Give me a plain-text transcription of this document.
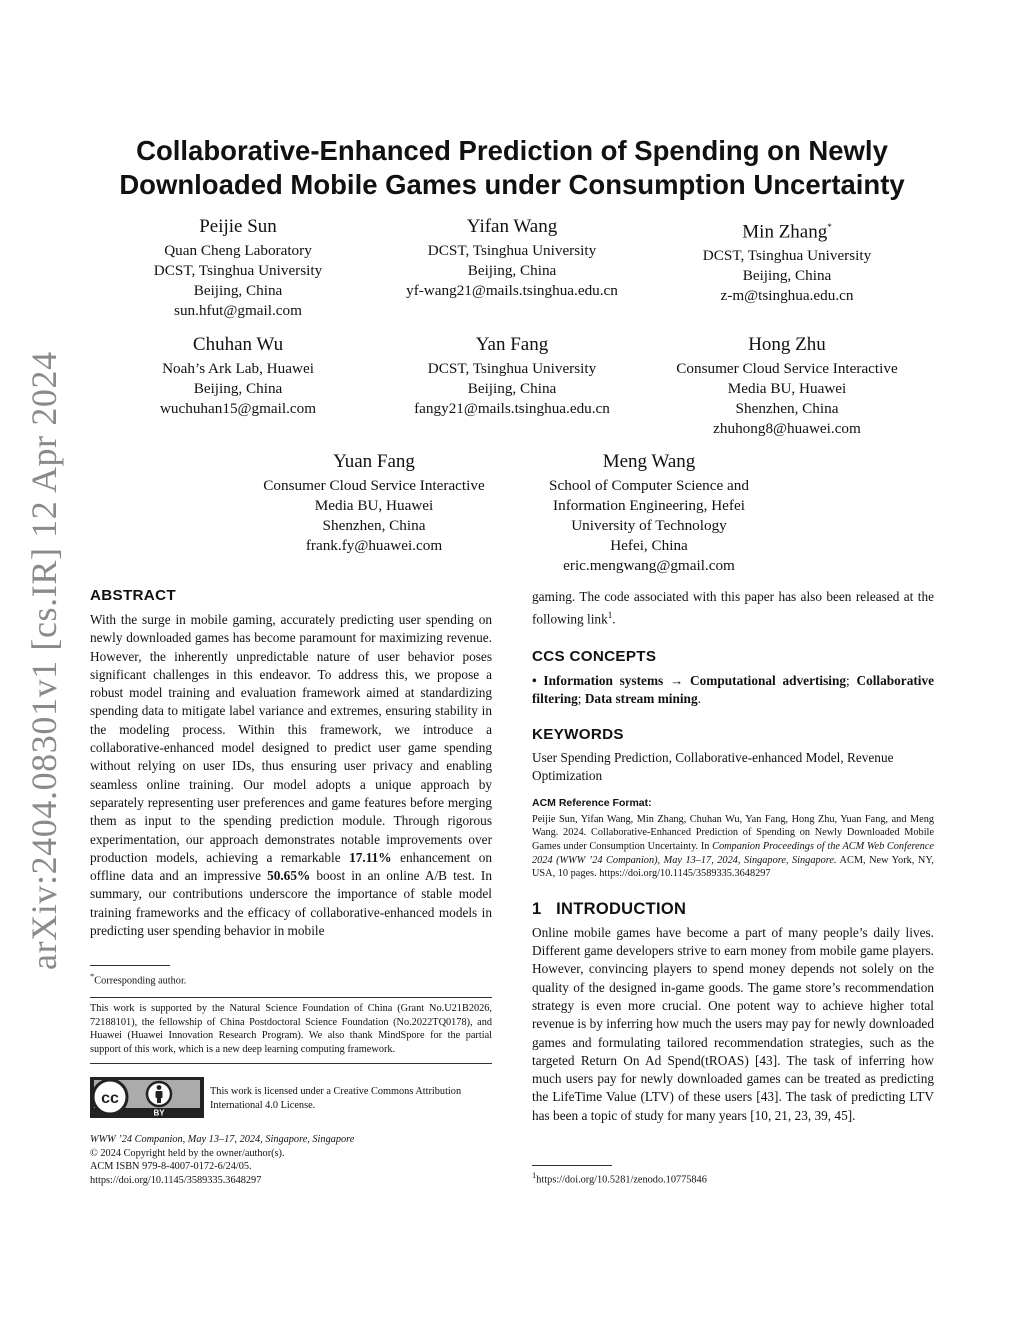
arXiv:2404.08301v1 [cs.IR] 12 Apr 2024
Collaborative-Enhanced Prediction of Spending on Newly
Downloaded Mobile Games under Consumption Uncertainty
Peijie Sun
Quan Cheng Laboratory
DCST, Tsinghua University
Beijing, China
sun.hfut@gmail.com
Yifan Wang
DCST, Tsinghua University
Beijing, China
yf-wang21@mails.tsinghua.edu.cn
Min Zhang*
DCST, Tsinghua University
Beijing, China
z-m@tsinghua.edu.cn
Chuhan Wu
Noah’s Ark Lab, Huawei
Beijing, China
wuchuhan15@gmail.com
Yan Fang
DCST, Tsinghua University
Beijing, China
fangy21@mails.tsinghua.edu.cn
Hong Zhu
Consumer Cloud Service Interactive
Media BU, Huawei
Shenzhen, China
zhuhong8@huawei.com
Yuan Fang
Consumer Cloud Service Interactive
Media BU, Huawei
Shenzhen, China
frank.fy@huawei.com
Meng Wang
School of Computer Science and
Information Engineering, Hefei
University of Technology
Hefei, China
eric.mengwang@gmail.com
ABSTRACT

With the surge in mobile gaming, accurately predicting user spending on newly downloaded games has become paramount for maximizing revenue. However, the inherently unpredictable nature of user behavior poses significant challenges in this endeavor. To address this, we propose a robust model training and evaluation framework aimed at standardizing spending data to mitigate label variance and extremes, ensuring stability in the modeling process. Within this framework, we introduce a collaborative-enhanced model designed to predict user game spending without relying on user IDs, thus ensuring user privacy and enabling seamless online training. Our model adopts a unique approach by separately representing user preferences and game features before merging them as input to the spending prediction module. Through rigorous experimentation, our approach demonstrates notable improvements over production models, achieving a remarkable 17.11% enhancement on offline data and an impressive 50.65% boost in an online A/B test. In summary, our contributions underscore the importance of stable model training frameworks and the efficacy of collaborative-enhanced models in predicting user spending behavior in mobile

*Corresponding author.

This work is supported by the Natural Science Foundation of China (Grant No.U21B2026, 72188101), the fellowship of China Postdoctoral Science Foundation (No.2022TQ0178), and Huawei (Huawei Innovation Research Program). We also thank MindSpore for the partial support of this work, which is a new deep learning computing framework.

cc
BY

This work is licensed under a Creative Commons Attribution International 4.0 License.

WWW ’24 Companion, May 13–17, 2024, Singapore, Singapore
© 2024 Copyright held by the owner/author(s).
ACM ISBN 979-8-4007-0172-6/24/05.
https://doi.org/10.1145/3589335.3648297

gaming. The code associated with this paper has also been released at the following link$^1$.

CCS CONCEPTS

• Information systems → Computational advertising; Collaborative filtering; Data stream mining.

KEYWORDS

User Spending Prediction, Collaborative-enhanced Model, Revenue Optimization

ACM Reference Format:

Peijie Sun, Yifan Wang, Min Zhang, Chuhan Wu, Yan Fang, Hong Zhu, Yuan Fang, and Meng Wang. 2024. Collaborative-Enhanced Prediction of Spending on Newly Downloaded Mobile Games under Consumption Uncertainty. In Companion Proceedings of the ACM Web Conference 2024 (WWW ’24 Companion), May 13–17, 2024, Singapore, Singapore. ACM, New York, NY, USA, 10 pages. https://doi.org/10.1145/3589335.3648297

1 INTRODUCTION

Online mobile games have become a part of many people’s daily lives. Different game developers strive to earn money from mobile game players. However, convincing players to spend money depends not solely on the quality of the designed in-game goods. The game store’s recommendation strategy is even more crucial. One potent way to achieve higher total revenue is by inferring how much the users may pay for newly downloaded games and formulating tailored recommendation strategies, such as the targeted Return On Ad Spend(tROAS) [43]. The task of inferring how much users pay for newly downloaded games can be treated as predicting the LifeTime Value (LTV) of these users [43]. The task of predicting LTV has been a topic of study for many years [10, 21, 23, 39, 45].

$^1$https://doi.org/10.5281/zenodo.10775846
